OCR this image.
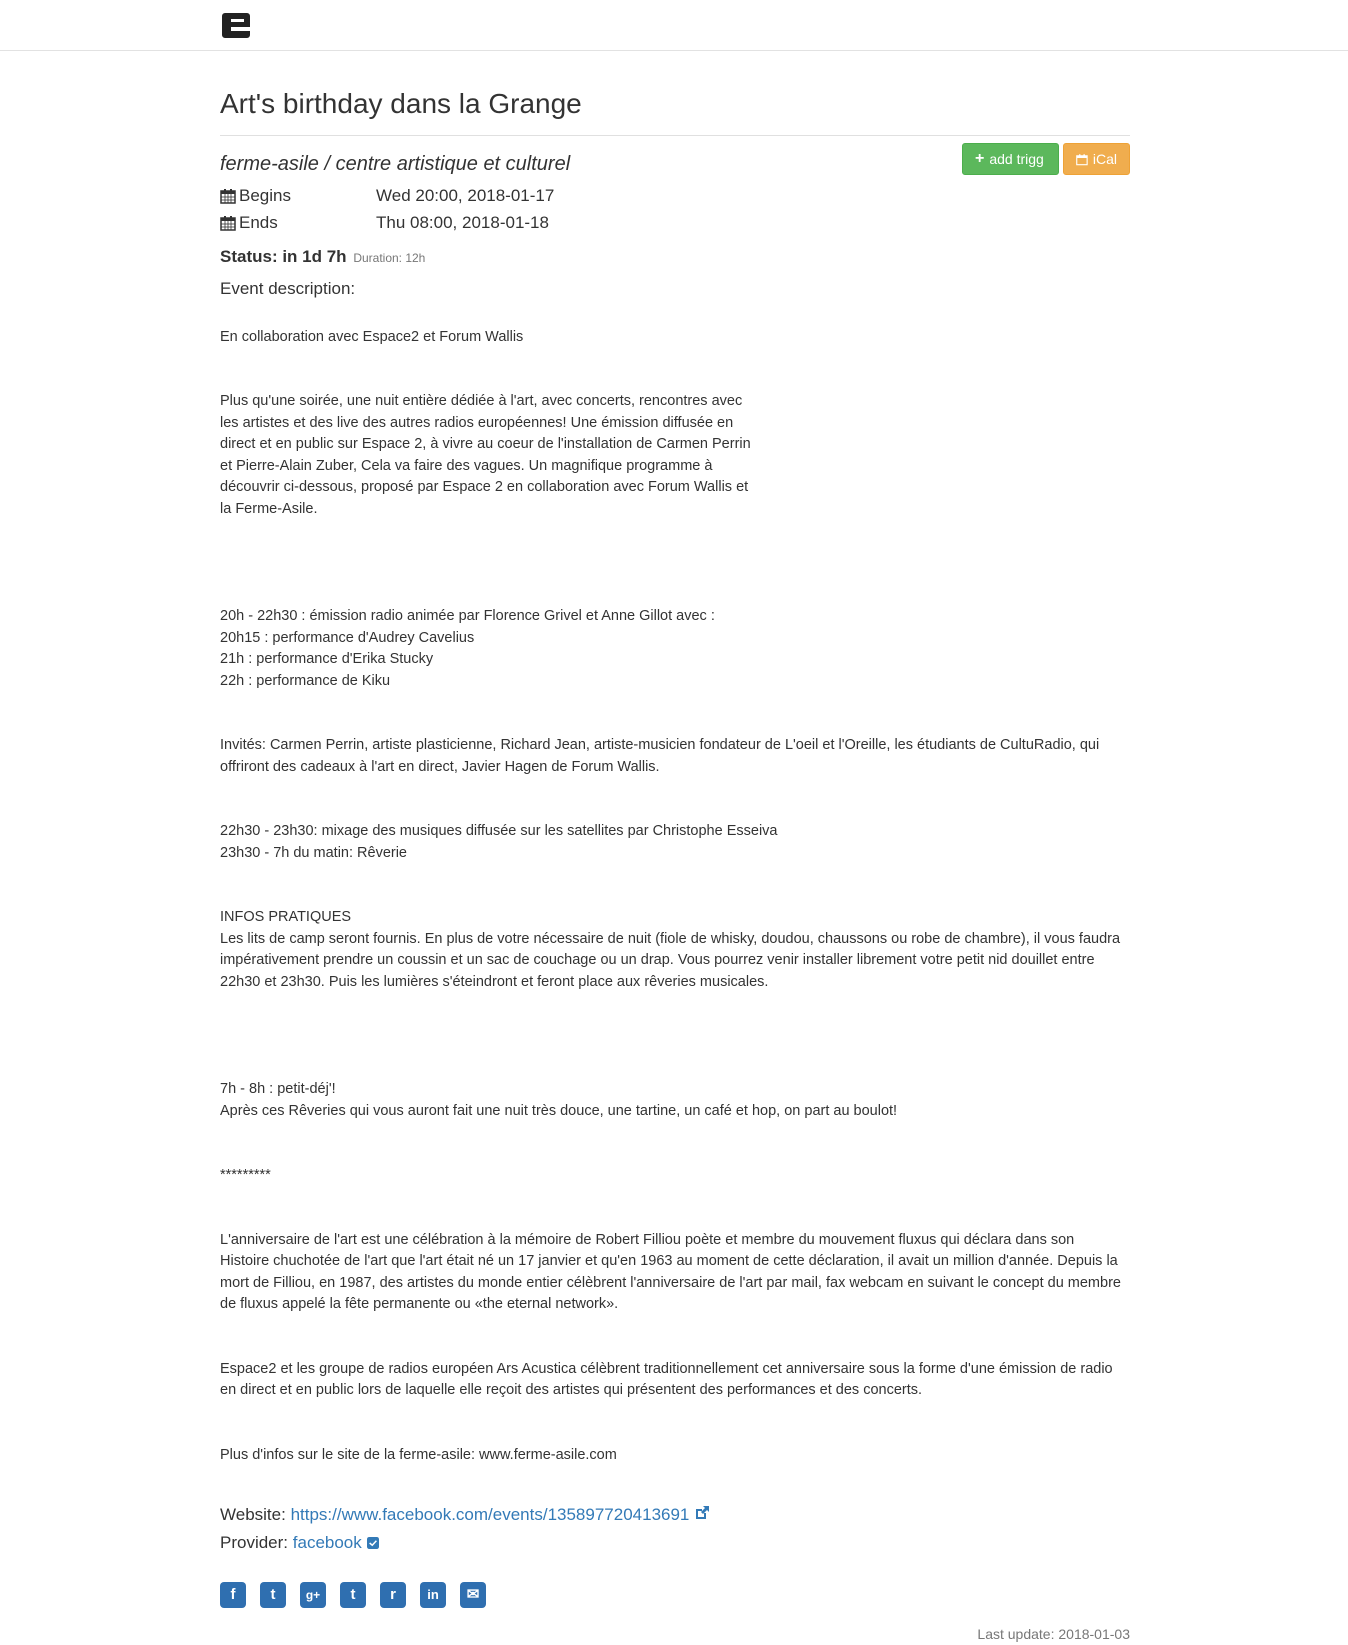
Art's birthday dans la Grange
ferme-asile / centre artistique et culturel	+ add trigg	iCal
Begins	Wed 20:00, 2018-01-17
Ends	Thu 08:00, 2018-01-18
Status: in 1d 7h Duration: 12h
Event description:

En collaboration avec Espace2 et Forum Wallis

Plus qu'une soirée, une nuit entière dédiée à l'art, avec concerts, rencontres avec
les artistes et des live des autres radios européennes! Une émission diffusée en
direct et en public sur Espace 2, à vivre au coeur de l'installation de Carmen Perrin
et Pierre-Alain Zuber, Cela va faire des vagues. Un magnifique programme à
découvrir ci-dessous, proposé par Espace 2 en collaboration avec Forum Wallis et
la Ferme-Asile.

20h - 22h30 : émission radio animée par Florence Grivel et Anne Gillot avec :
20h15 : performance d'Audrey Cavelius
21h : performance d'Erika Stucky
22h : performance de Kiku

Invités: Carmen Perrin, artiste plasticienne, Richard Jean, artiste-musicien fondateur de L'oeil et l'Oreille, les étudiants de CultuRadio, qui
offriront des cadeaux à l'art en direct, Javier Hagen de Forum Wallis.

22h30 - 23h30: mixage des musiques diffusée sur les satellites par Christophe Esseiva
23h30 - 7h du matin: Rêverie

INFOS PRATIQUES
Les lits de camp seront fournis. En plus de votre nécessaire de nuit (fiole de whisky, doudou, chaussons ou robe de chambre), il vous faudra
impérativement prendre un coussin et un sac de couchage ou un drap. Vous pourrez venir installer librement votre petit nid douillet entre
22h30 et 23h30. Puis les lumières s'éteindront et feront place aux rêveries musicales.

7h - 8h : petit-déj'!
Après ces Rêveries qui vous auront fait une nuit très douce, une tartine, un café et hop, on part au boulot!

*********

L'anniversaire de l'art est une célébration à la mémoire de Robert Filliou poète et membre du mouvement fluxus qui déclara dans son
Histoire chuchotée de l'art que l'art était né un 17 janvier et qu'en 1963 au moment de cette déclaration, il avait un million d'année. Depuis la
mort de Filliou, en 1987, des artistes du monde entier célèbrent l'anniversaire de l'art par mail, fax webcam en suivant le concept du membre
de fluxus appelé la fête permanente ou «the eternal network».

Espace2 et les groupe de radios européen Ars Acustica célèbrent traditionnellement cet anniversaire sous la forme d'une émission de radio
en direct et en public lors de laquelle elle reçoit des artistes qui présentent des performances et des concerts.

Plus d'infos sur le site de la ferme-asile: www.ferme-asile.com

Website: https://www.facebook.com/events/135897720413691
Provider: facebook
f	t	g+	t	r	in	✉
Last update: 2018-01-03
